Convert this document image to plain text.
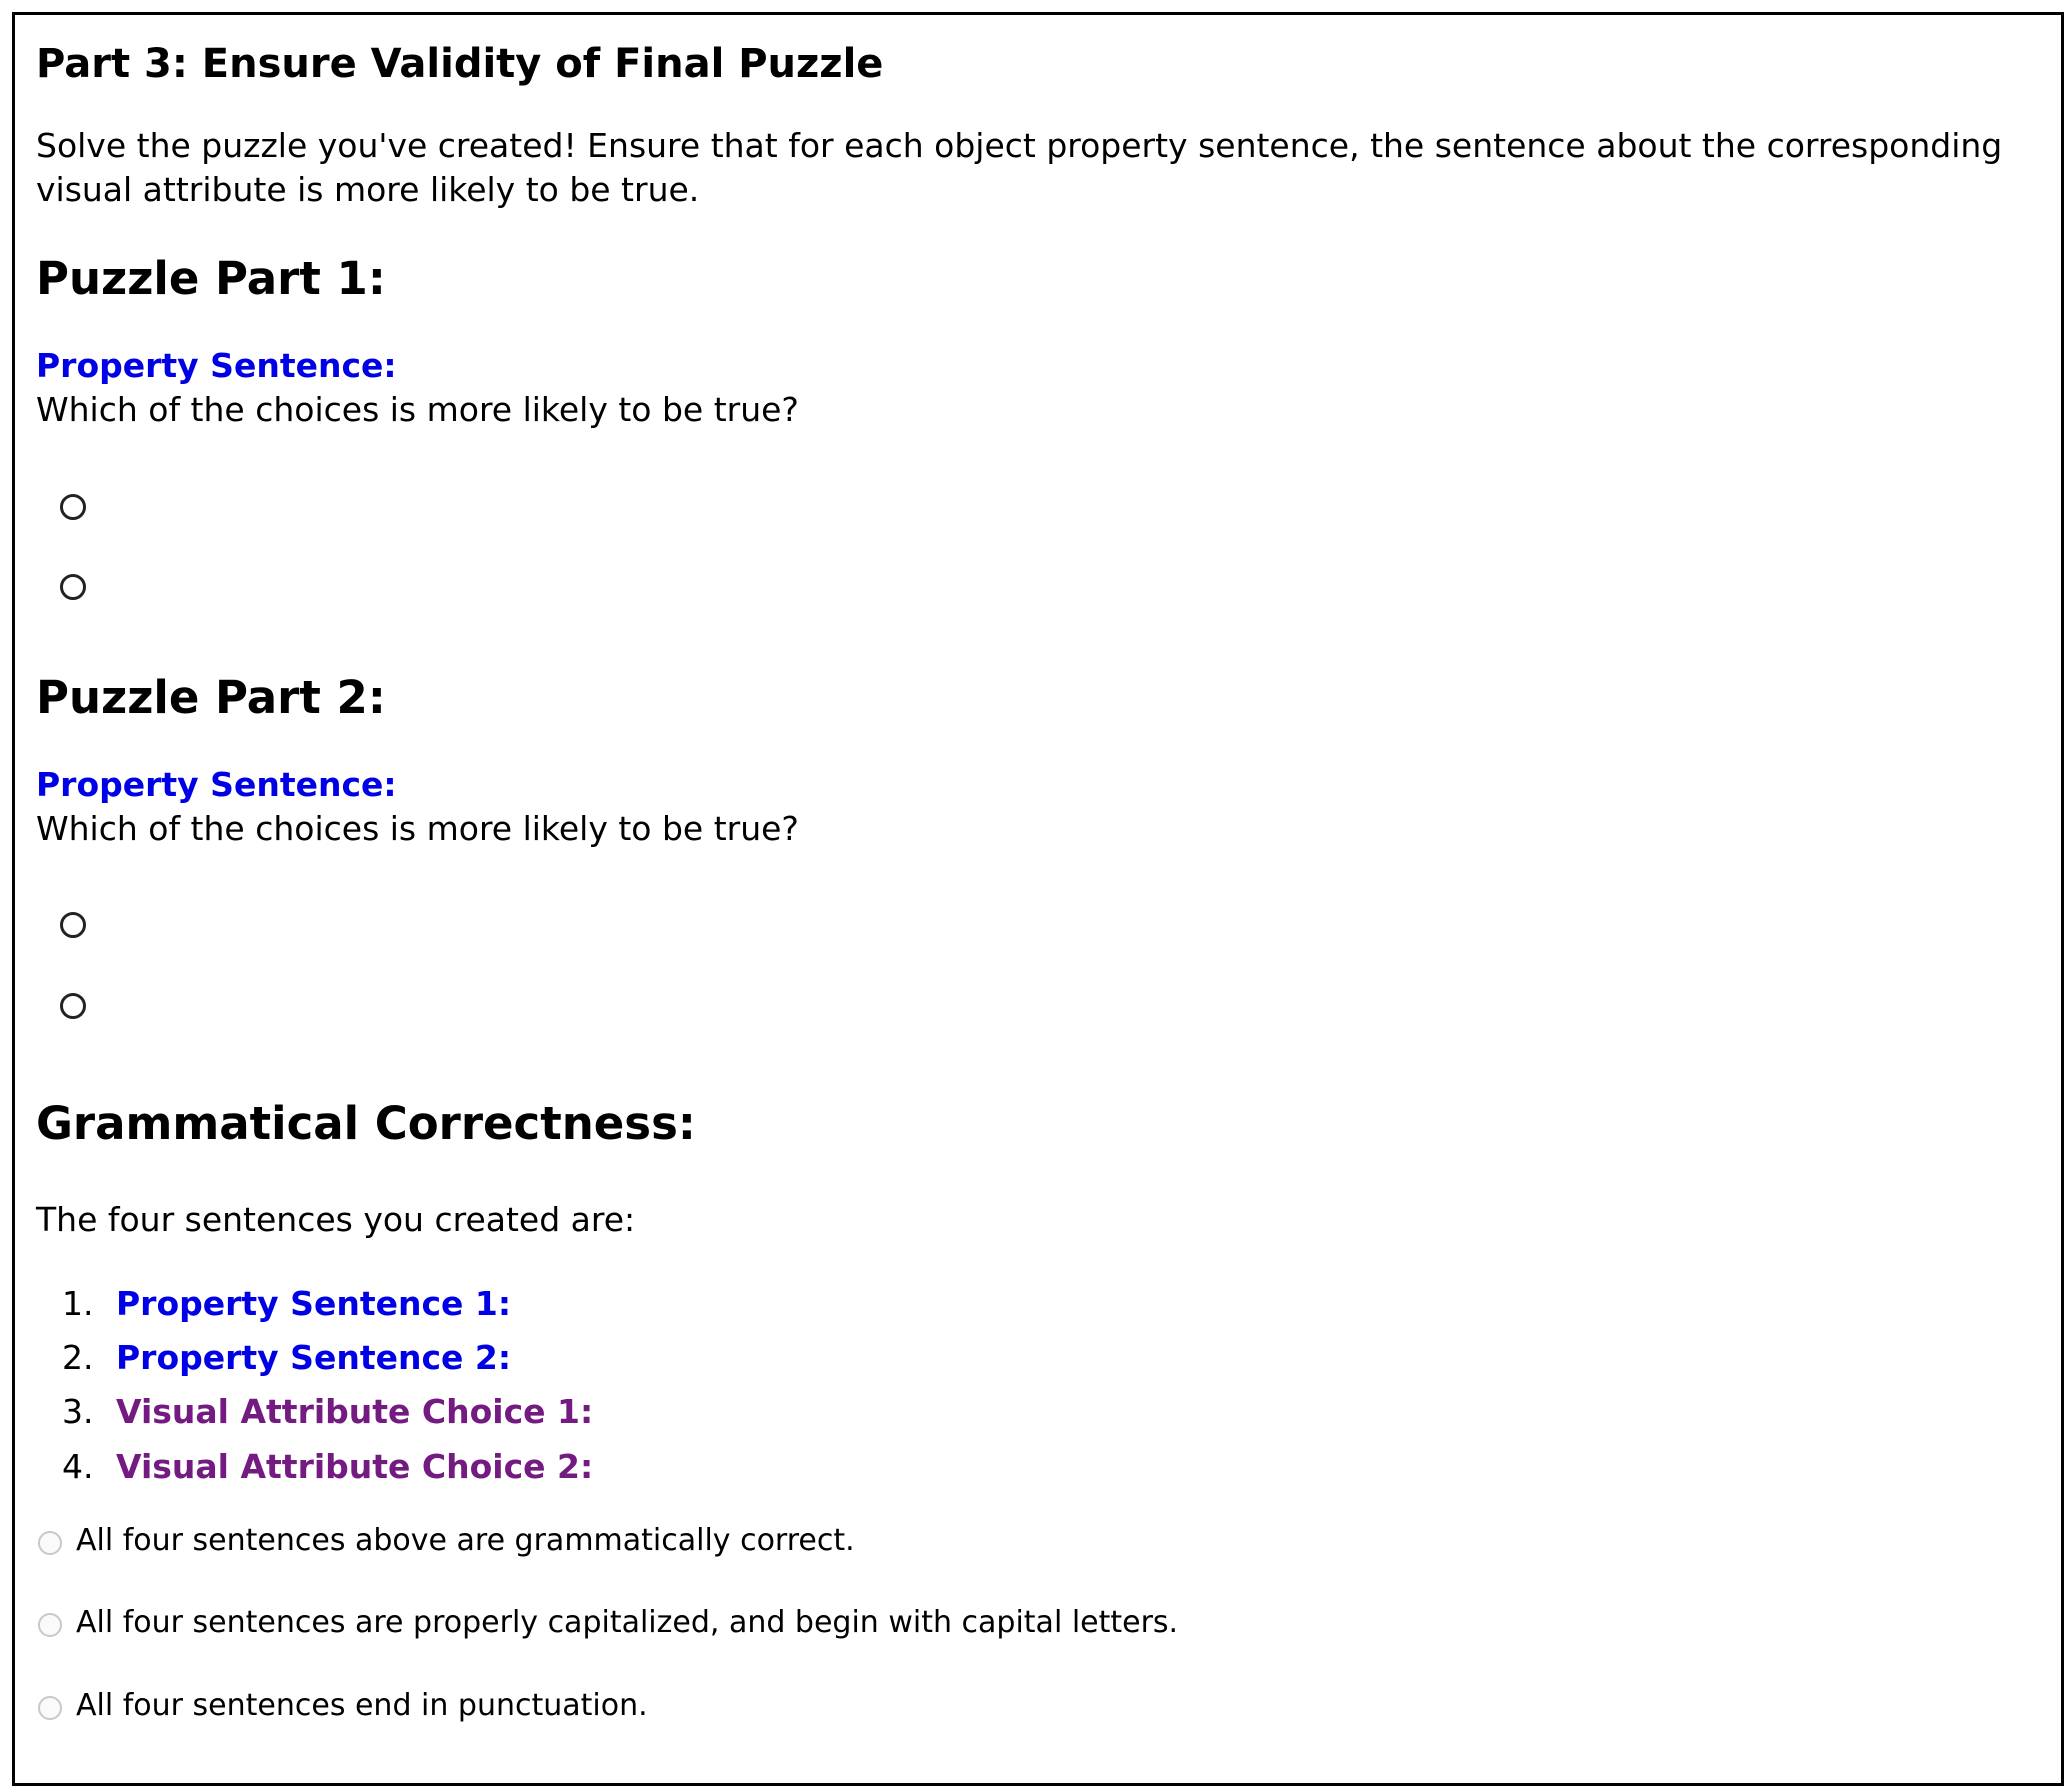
Part 3: Ensure Validity of Final Puzzle
Solve the puzzle you've created! Ensure that for each object property sentence, the sentence about the corresponding
visual attribute is more likely to be true.
Puzzle Part 1:
Property Sentence:
Which of the choices is more likely to be true?
Puzzle Part 2:
Property Sentence:
Which of the choices is more likely to be true?
Grammatical Correctness:
The four sentences you created are:
1. Property Sentence 1:
2. Property Sentence 2:
3. Visual Attribute Choice 1:
4. Visual Attribute Choice 2:
All four sentences above are grammatically correct.
All four sentences are properly capitalized, and begin with capital letters.
All four sentences end in punctuation.
